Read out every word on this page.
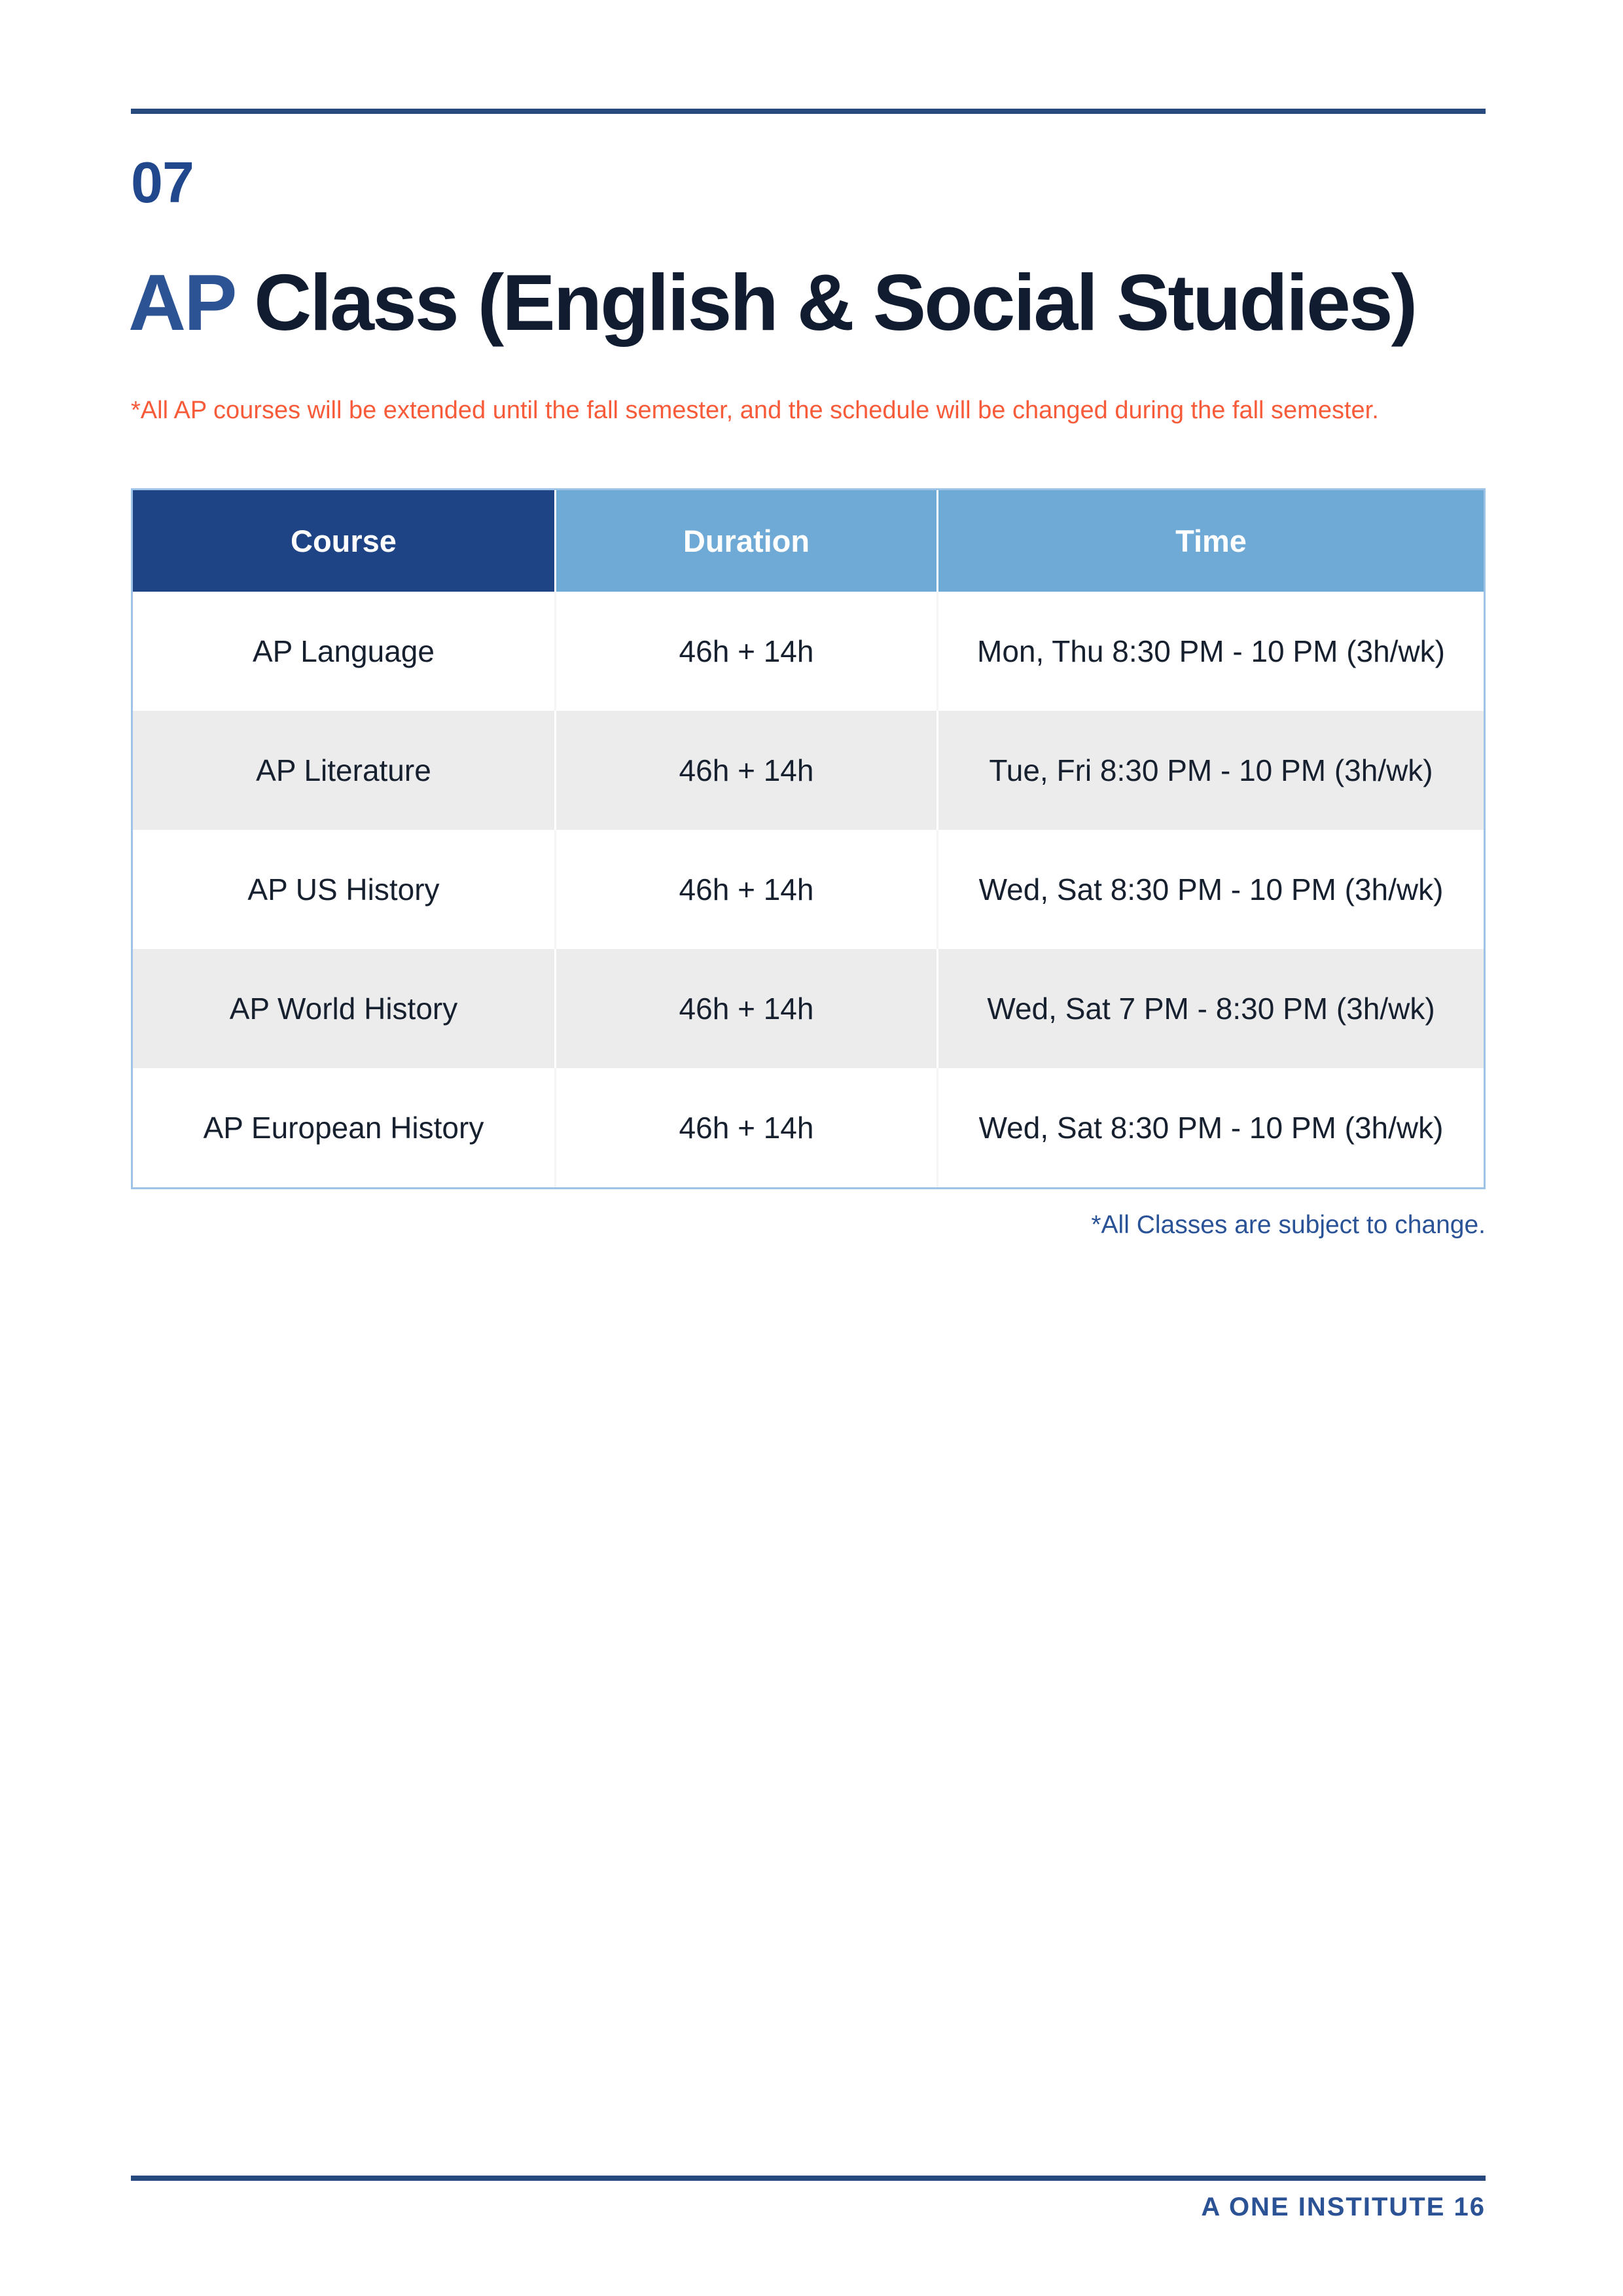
07
AP Class (English & Social Studies)
*All AP courses will be extended until the fall semester, and the schedule will be changed during the fall semester.
Course	Duration	Time
AP Language	46h + 14h	Mon, Thu 8:30 PM - 10 PM (3h/wk)
AP Literature	46h + 14h	Tue, Fri 8:30 PM - 10 PM (3h/wk)
AP US History	46h + 14h	Wed, Sat 8:30 PM - 10 PM (3h/wk)
AP World History	46h + 14h	Wed, Sat 7 PM - 8:30 PM (3h/wk)
AP European History	46h + 14h	Wed, Sat 8:30 PM - 10 PM (3h/wk)
*All Classes are subject to change.
A ONE INSTITUTE 16
